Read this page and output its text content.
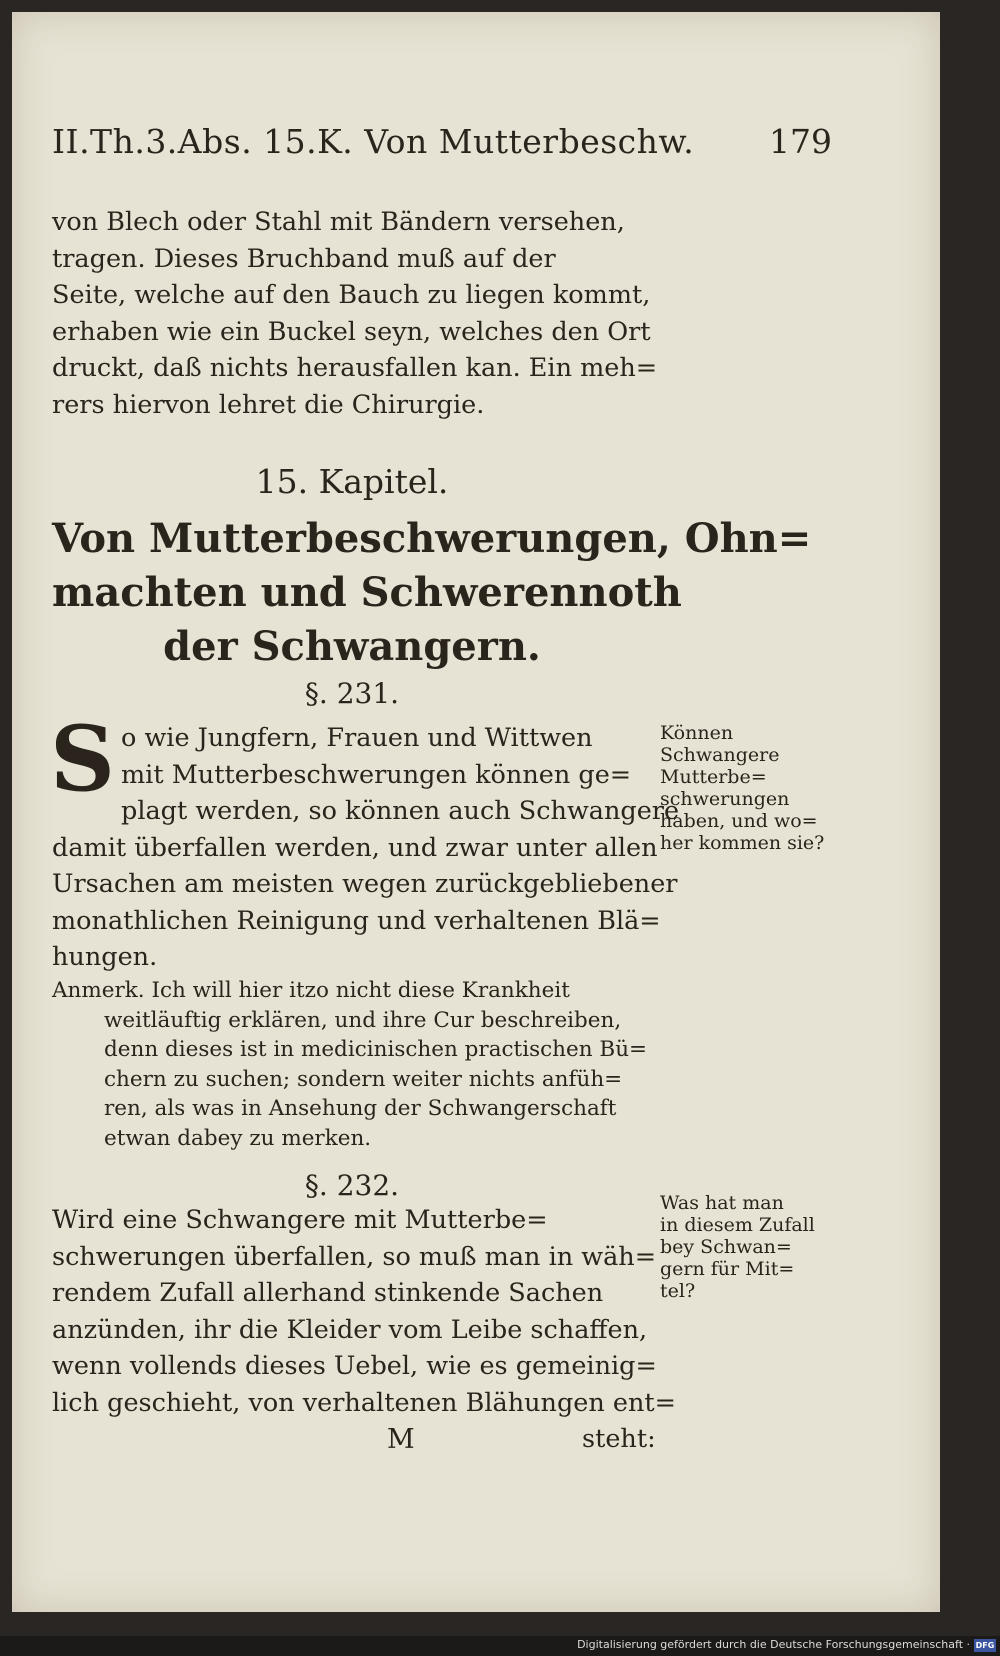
II.Th.3.Abs. 15.K. Von Mutterbeschw. 179
von Blech oder Stahl mit Bändern versehen,
tragen. Dieses Bruchband muß auf der
Seite, welche auf den Bauch zu liegen kommt,
erhaben wie ein Buckel seyn, welches den Ort
druckt, daß nichts herausfallen kan. Ein meh=
rers hiervon lehret die Chirurgie.
15. Kapitel.
Von Mutterbeschwerungen, Ohn=
machten und Schwerennoth
der Schwangern.
§. 231.
S o wie Jungfern, Frauen und Wittwen
mit Mutterbeschwerungen können ge=
plagt werden, so können auch Schwangere
damit überfallen werden, und zwar unter allen
Ursachen am meisten wegen zurückgebliebener
monathlichen Reinigung und verhaltenen Blä=
hungen.
Können
Schwangere
Mutterbe=
schwerungen
haben, und wo=
her kommen sie?
Anmerk. Ich will hier itzo nicht diese Krankheit
weitläuftig erklären, und ihre Cur beschreiben,
denn dieses ist in medicinischen practischen Bü=
chern zu suchen; sondern weiter nichts anfüh=
ren, als was in Ansehung der Schwangerschaft
etwan dabey zu merken.
§. 232.
Wird eine Schwangere mit Mutterbe=
schwerungen überfallen, so muß man in wäh=
rendem Zufall allerhand stinkende Sachen
anzünden, ihr die Kleider vom Leibe schaffen,
wenn vollends dieses Uebel, wie es gemeinig=
lich geschieht, von verhaltenen Blähungen ent=
Was hat man
in diesem Zufall
bey Schwan=
gern für Mit=
tel?
M	steht:
Digitalisierung gefördert durch die Deutsche Forschungsgemeinschaft · DFG
